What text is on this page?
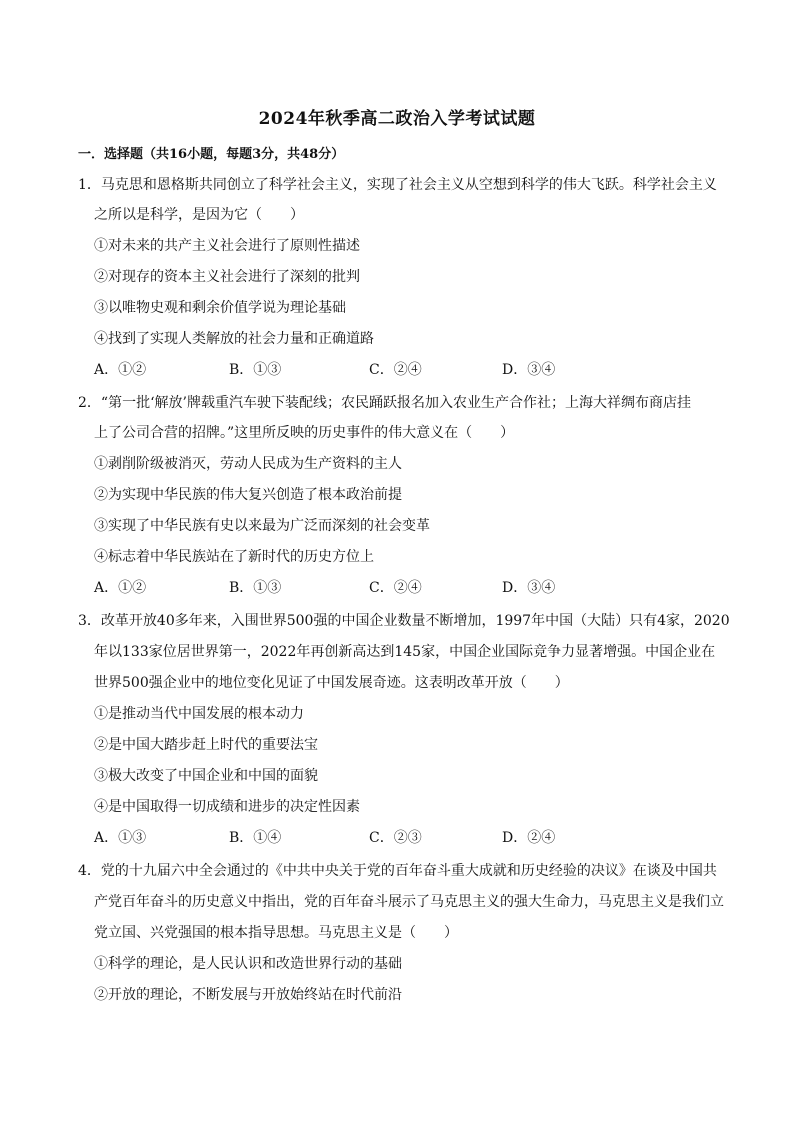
2024年秋季高二政治入学考试试题
一．选择题（共16小题，每题3分，共48分）
1．马克思和恩格斯共同创立了科学社会主义，实现了社会主义从空想到科学的伟大飞跃。科学社会主义
之所以是科学，是因为它（　　）
①对未来的共产主义社会进行了原则性描述
②对现存的资本主义社会进行了深刻的批判
③以唯物史观和剩余价值学说为理论基础
④找到了实现人类解放的社会力量和正确道路
A．①②	B．①③	C．②④	D．③④
2．“第一批‘解放’牌载重汽车驶下装配线；农民踊跃报名加入农业生产合作社；上海大祥绸布商店挂
上了公司合营的招牌。”这里所反映的历史事件的伟大意义在（　　）
①剥削阶级被消灭，劳动人民成为生产资料的主人
②为实现中华民族的伟大复兴创造了根本政治前提
③实现了中华民族有史以来最为广泛而深刻的社会变革
④标志着中华民族站在了新时代的历史方位上
A．①②	B．①③	C．②④	D．③④
3．改革开放40多年来，入围世界500强的中国企业数量不断增加，1997年中国（大陆）只有4家，2020
年以133家位居世界第一，2022年再创新高达到145家，中国企业国际竞争力显著增强。中国企业在
世界500强企业中的地位变化见证了中国发展奇迹。这表明改革开放（　　）
①是推动当代中国发展的根本动力
②是中国大踏步赶上时代的重要法宝
③极大改变了中国企业和中国的面貌
④是中国取得一切成绩和进步的决定性因素
A．①③	B．①④	C．②③	D．②④
4．党的十九届六中全会通过的《中共中央关于党的百年奋斗重大成就和历史经验的决议》在谈及中国共
产党百年奋斗的历史意义中指出，党的百年奋斗展示了马克思主义的强大生命力，马克思主义是我们立
党立国、兴党强国的根本指导思想。马克思主义是（　　）
①科学的理论，是人民认识和改造世界行动的基础
②开放的理论，不断发展与开放始终站在时代前沿
